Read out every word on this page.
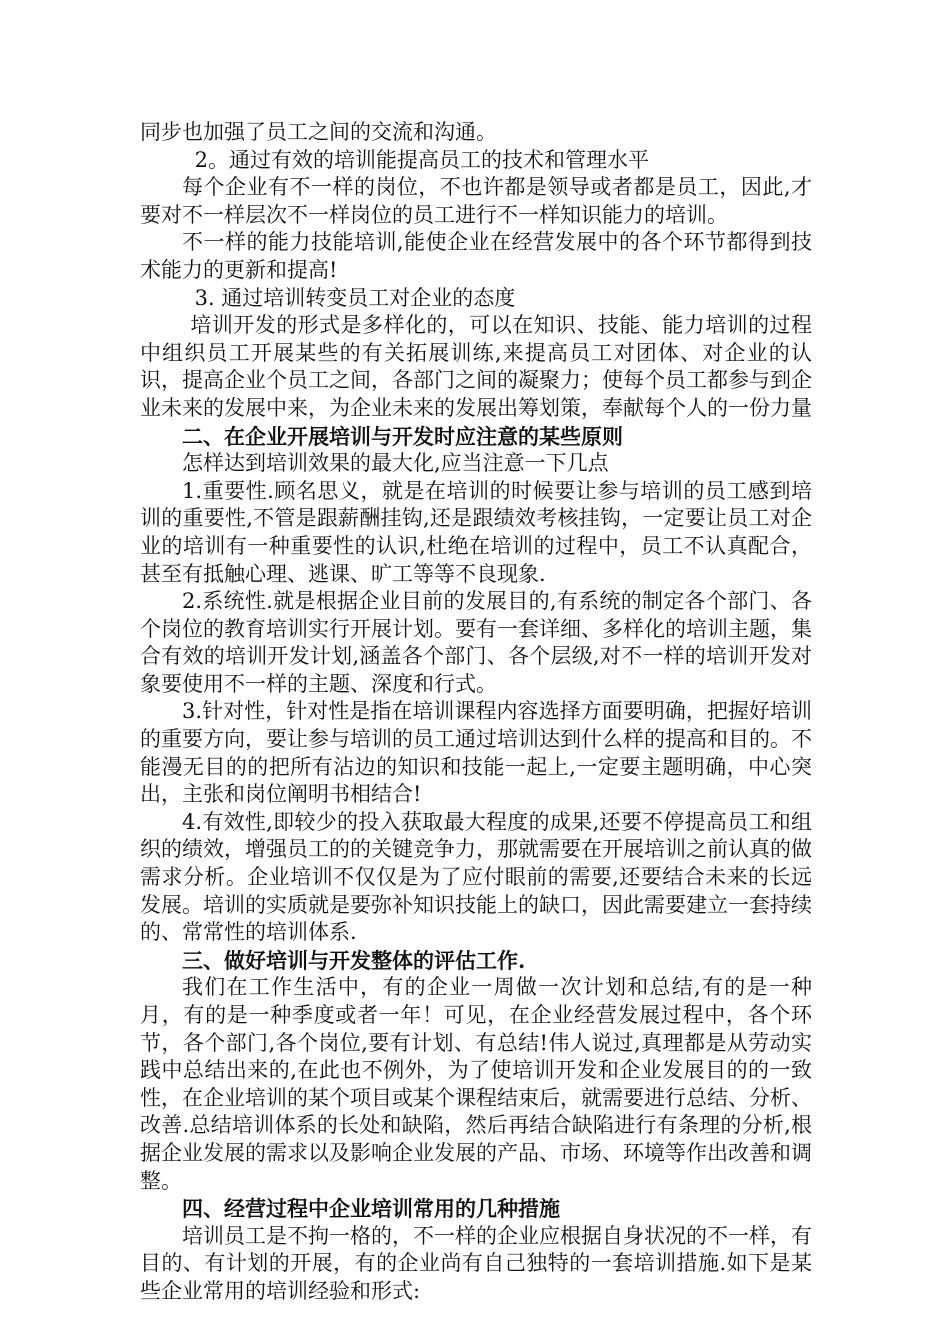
同步也加强了员工之间的交流和沟通。

2。通过有效的培训能提高员工的技术和管理水平

每个企业有不一样的岗位，不也许都是领导或者都是员工，因此,才要对不一样层次不一样岗位的员工进行不一样知识能力的培训。

不一样的能力技能培训,能使企业在经营发展中的各个环节都得到技术能力的更新和提高!

3. 通过培训转变员工对企业的态度

培训开发的形式是多样化的，可以在知识、技能、能力培训的过程中组织员工开展某些的有关拓展训练,来提高员工对团体、对企业的认识，提高企业个员工之间，各部门之间的凝聚力；使每个员工都参与到企业未来的发展中来，为企业未来的发展出筹划策，奉献每个人的一份力量

二、在企业开展培训与开发时应注意的某些原则

怎样达到培训效果的最大化,应当注意一下几点

1.重要性.顾名思义，就是在培训的时候要让参与培训的员工感到培训的重要性,不管是跟薪酬挂钩,还是跟绩效考核挂钩，一定要让员工对企业的培训有一种重要性的认识,杜绝在培训的过程中，员工不认真配合，甚至有抵触心理、逃课、旷工等等不良现象.

2.系统性.就是根据企业目前的发展目的,有系统的制定各个部门、各个岗位的教育培训实行开展计划。要有一套详细、多样化的培训主题，集合有效的培训开发计划,涵盖各个部门、各个层级,对不一样的培训开发对象要使用不一样的主题、深度和行式。

3.针对性，针对性是指在培训课程内容选择方面要明确，把握好培训的重要方向，要让参与培训的员工通过培训达到什么样的提高和目的。不能漫无目的的把所有沾边的知识和技能一起上,一定要主题明确，中心突出，主张和岗位阐明书相结合!

4.有效性,即较少的投入获取最大程度的成果,还要不停提高员工和组织的绩效，增强员工的的关键竞争力，那就需要在开展培训之前认真的做需求分析。企业培训不仅仅是为了应付眼前的需要,还要结合未来的长远发展。培训的实质就是要弥补知识技能上的缺口，因此需要建立一套持续的、常常性的培训体系.

三、做好培训与开发整体的评估工作.

我们在工作生活中，有的企业一周做一次计划和总结,有的是一种月，有的是一种季度或者一年！可见，在企业经营发展过程中，各个环节，各个部门,各个岗位,要有计划、有总结!伟人说过,真理都是从劳动实践中总结出来的,在此也不例外，为了使培训开发和企业发展目的的一致性，在企业培训的某个项目或某个课程结束后，就需要进行总结、分析、改善.总结培训体系的长处和缺陷，然后再结合缺陷进行有条理的分析,根据企业发展的需求以及影响企业发展的产品、市场、环境等作出改善和调整。

四、经营过程中企业培训常用的几种措施

培训员工是不拘一格的，不一样的企业应根据自身状况的不一样，有目的、有计划的开展，有的企业尚有自己独特的一套培训措施.如下是某些企业常用的培训经验和形式:
